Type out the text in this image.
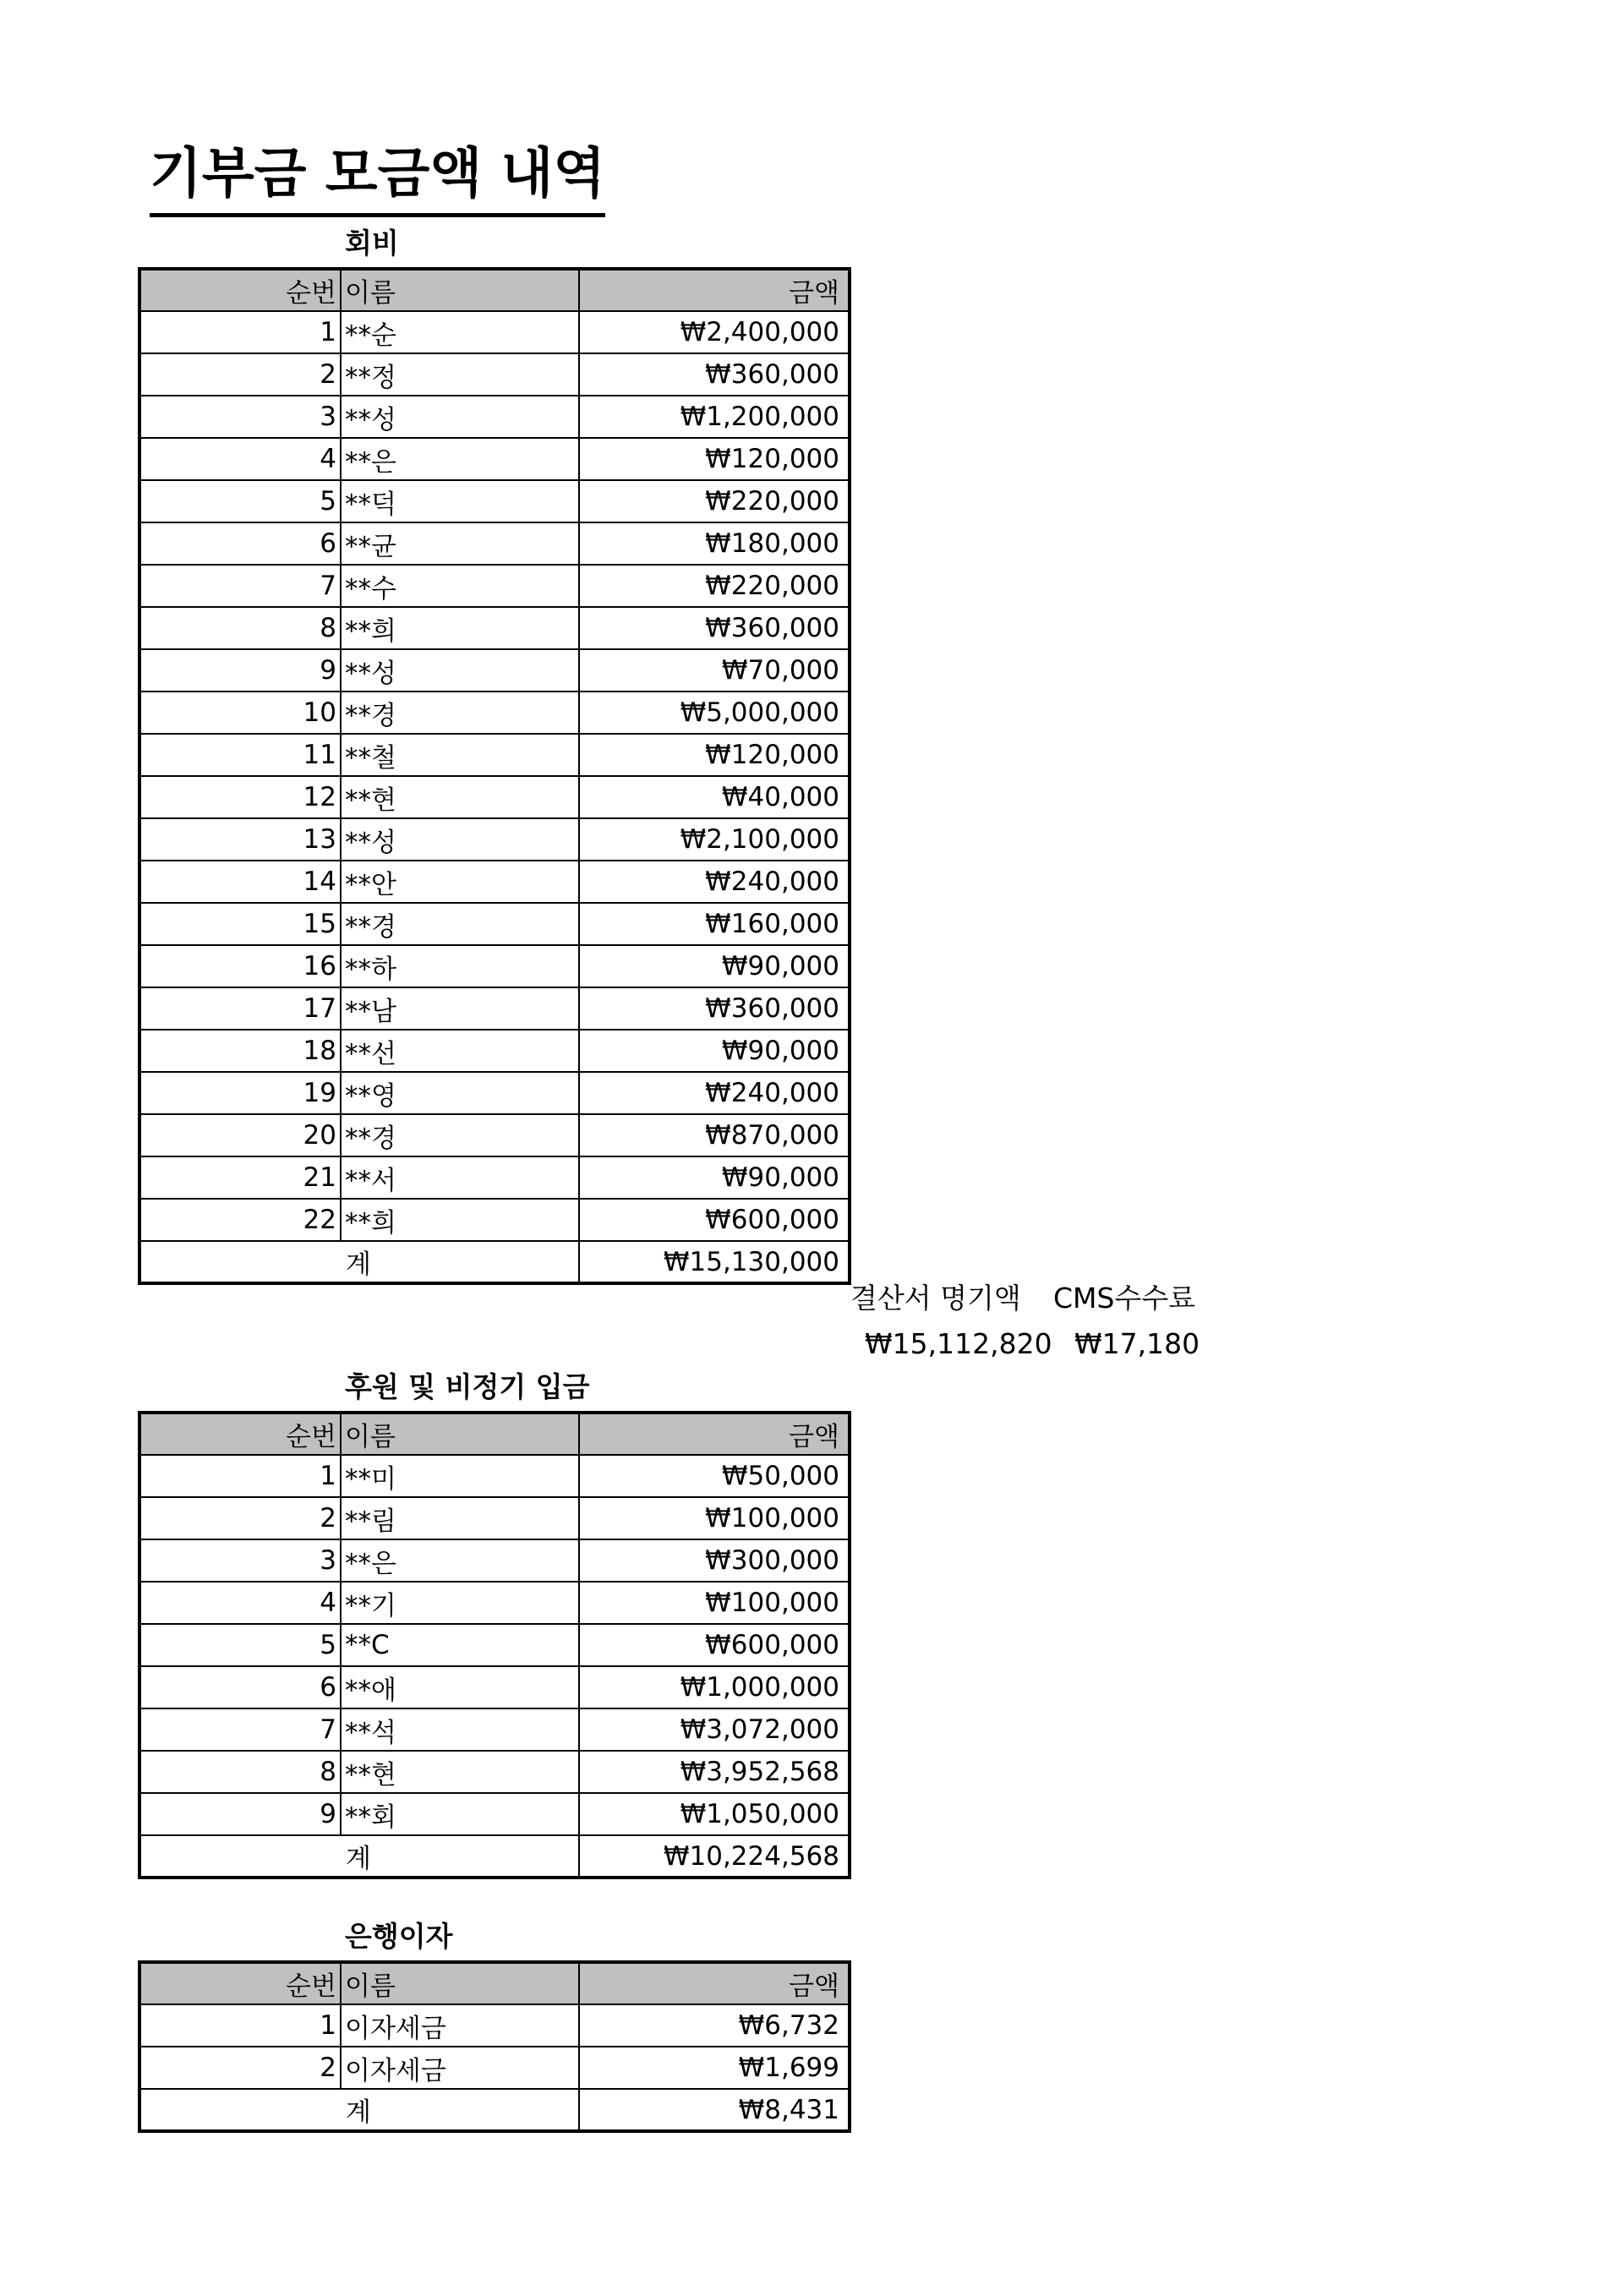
기부금 모금액 내역
회비
순번	이름	금액
1	**순	₩2,400,000
2	**정	₩360,000
3	**성	₩1,200,000
4	**은	₩120,000
5	**덕	₩220,000
6	**균	₩180,000
7	**수	₩220,000
8	**희	₩360,000
9	**성	₩70,000
10	**경	₩5,000,000
11	**철	₩120,000
12	**현	₩40,000
13	**성	₩2,100,000
14	**안	₩240,000
15	**경	₩160,000
16	**하	₩90,000
17	**남	₩360,000
18	**선	₩90,000
19	**영	₩240,000
20	**경	₩870,000
21	**서	₩90,000
22	**희	₩600,000
계		₩15,130,000
결산서 명기액 CMS수수료
₩15,112,820 ₩17,180
후원 및 비정기 입금
순번	이름	금액
1	**미	₩50,000
2	**림	₩100,000
3	**은	₩300,000
4	**기	₩100,000
5	**C	₩600,000
6	**애	₩1,000,000
7	**석	₩3,072,000
8	**현	₩3,952,568
9	**회	₩1,050,000
계		₩10,224,568
은행이자
순번	이름	금액
1	이자세금	₩6,732
2	이자세금	₩1,699
계		₩8,431
